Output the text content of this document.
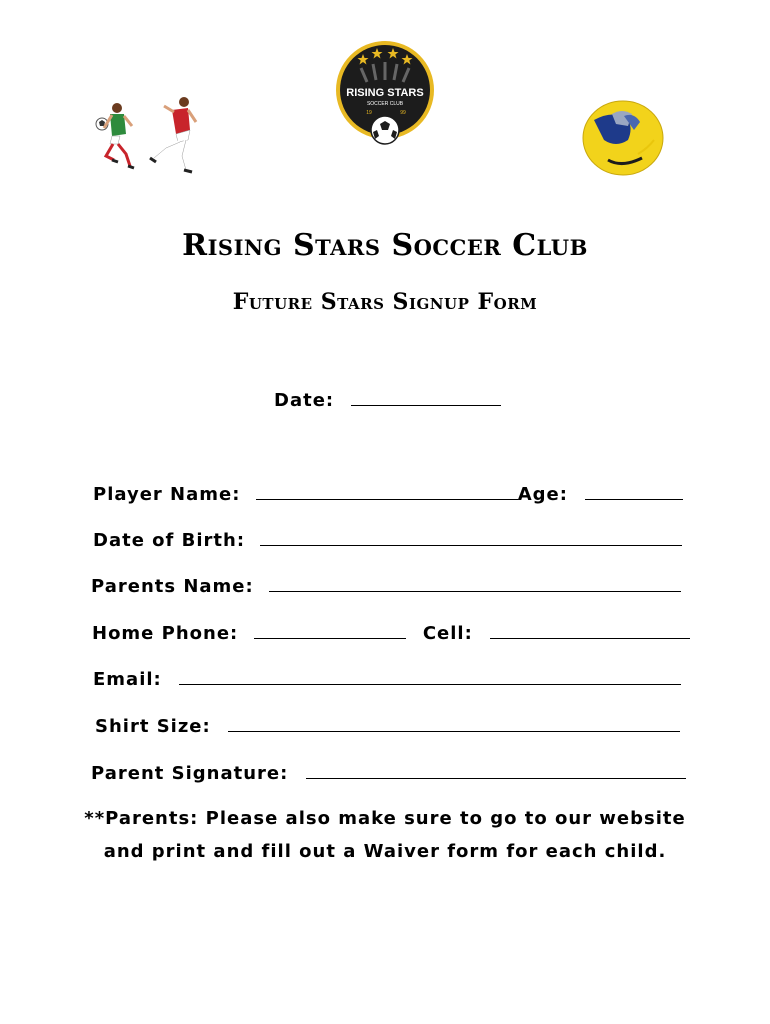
RISING STARS
SOCCER CLUB
19	99
Rising Stars Soccer Club
Future Stars Signup Form
Date:
Player Name:	Age:
Date of Birth:
Parents Name:
Home Phone:	Cell:
Email:
Shirt Size:
Parent Signature:
**Parents: Please also make sure to go to our website and print and fill out a Waiver form for each child.
